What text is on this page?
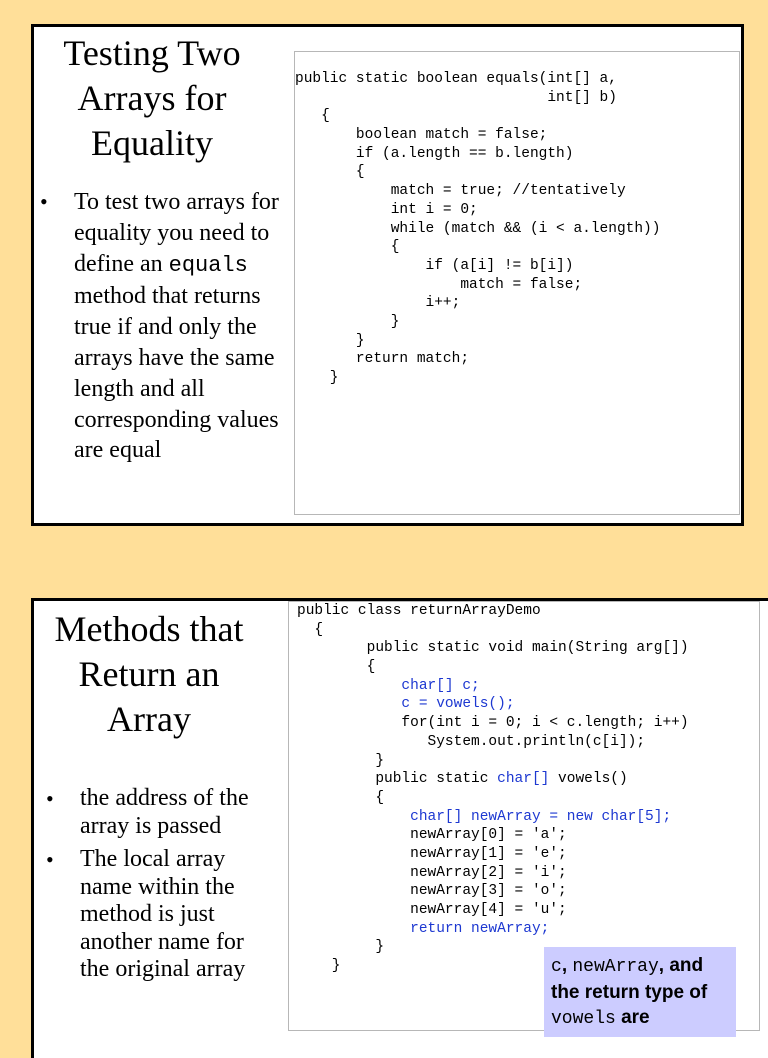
Testing Two
Arrays for
Equality
• To test two arrays for equality you need to define an equals method that returns true if and only the arrays have the same length and all corresponding values are equal
public static boolean equals(int[] a,
int[] b)
{
boolean match = false;
if (a.length == b.length)
{
match = true; //tentatively
int i = 0;
while (match && (i < a.length))
{
if (a[i] != b[i])
match = false;
i++;
}
}
return match;
}
Methods that
Return an
Array
• the address of the array is passed
• The local array name within the method is just another name for the original array
public class returnArrayDemo
{
public static void main(String arg[])
{
char[] c;
c = vowels();
for(int i = 0; i < c.length; i++)
System.out.println(c[i]);
}
public static char[] vowels()
{
char[] newArray = new char[5];
newArray[0] = 'a';
newArray[1] = 'e';
newArray[2] = 'i';
newArray[3] = 'o';
newArray[4] = 'u';
return newArray;
}
}	c, newArray, and the return type of vowels are
